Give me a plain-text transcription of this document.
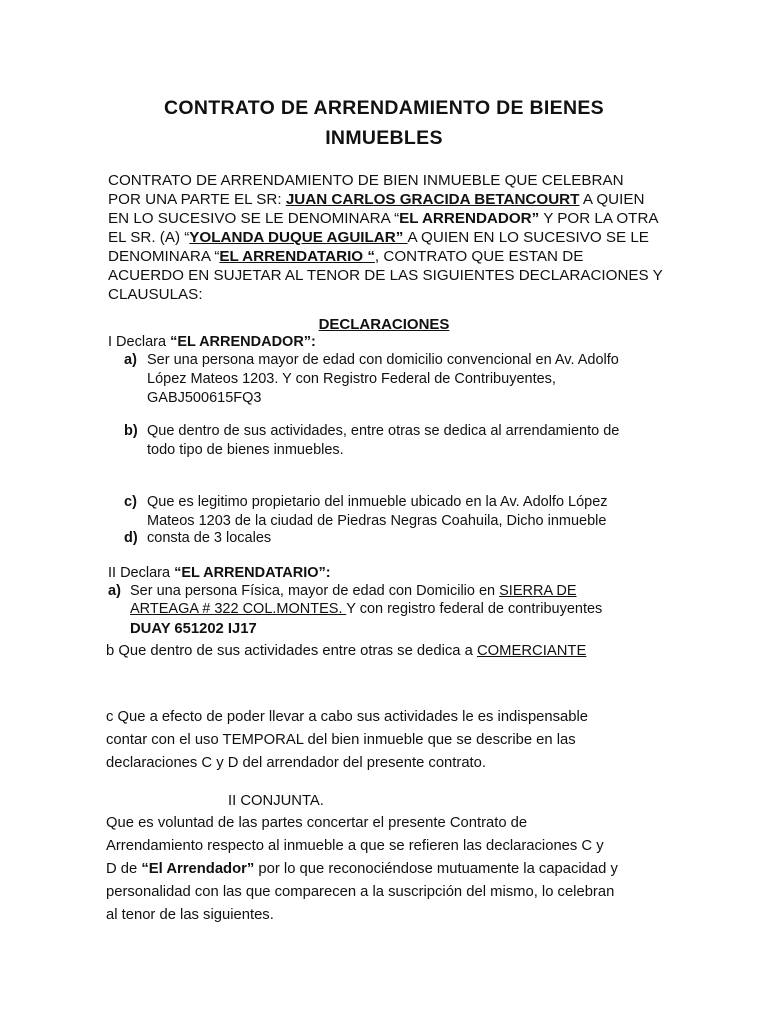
CONTRATO DE ARRENDAMIENTO DE BIENES
INMUEBLES
CONTRATO DE ARRENDAMIENTO DE BIEN INMUEBLE QUE CELEBRAN
POR UNA PARTE EL SR: JUAN CARLOS GRACIDA BETANCOURT A QUIEN
EN LO SUCESIVO SE LE DENOMINARA “EL ARRENDADOR” Y POR LA OTRA
EL SR. (A) “YOLANDA DUQUE AGUILAR” A QUIEN EN LO SUCESIVO SE LE
DENOMINARA “EL ARRENDATARIO “, CONTRATO QUE ESTAN DE
ACUERDO EN SUJETAR AL TENOR DE LAS SIGUIENTES DECLARACIONES Y
CLAUSULAS:
DECLARACIONES
I Declara “EL ARRENDADOR”:
a) Ser una persona mayor de edad con domicilio convencional en Av. Adolfo
López Mateos 1203. Y con Registro Federal de Contribuyentes,
GABJ500615FQ3
b) Que dentro de sus actividades, entre otras se dedica al arrendamiento de
todo tipo de bienes inmuebles.
c) Que es legitimo propietario del inmueble ubicado en la Av. Adolfo López
Mateos 1203 de la ciudad de Piedras Negras Coahuila, Dicho inmueble
d) consta de 3 locales
II Declara “EL ARRENDATARIO”:
a) Ser una persona Física, mayor de edad con Domicilio en SIERRA DE
ARTEAGA # 322 COL.MONTES. Y con registro federal de contribuyentes
DUAY 651202 IJ17
b Que dentro de sus actividades entre otras se dedica a COMERCIANTE
c Que a efecto de poder llevar a cabo sus actividades le es indispensable
contar con el uso TEMPORAL del bien inmueble que se describe en las
declaraciones C y D del arrendador del presente contrato.
II CONJUNTA.
Que es voluntad de las partes concertar el presente Contrato de
Arrendamiento respecto al inmueble a que se refieren las declaraciones C y
D de “El Arrendador” por lo que reconociéndose mutuamente la capacidad y
personalidad con las que comparecen a la suscripción del mismo, lo celebran
al tenor de las siguientes.
